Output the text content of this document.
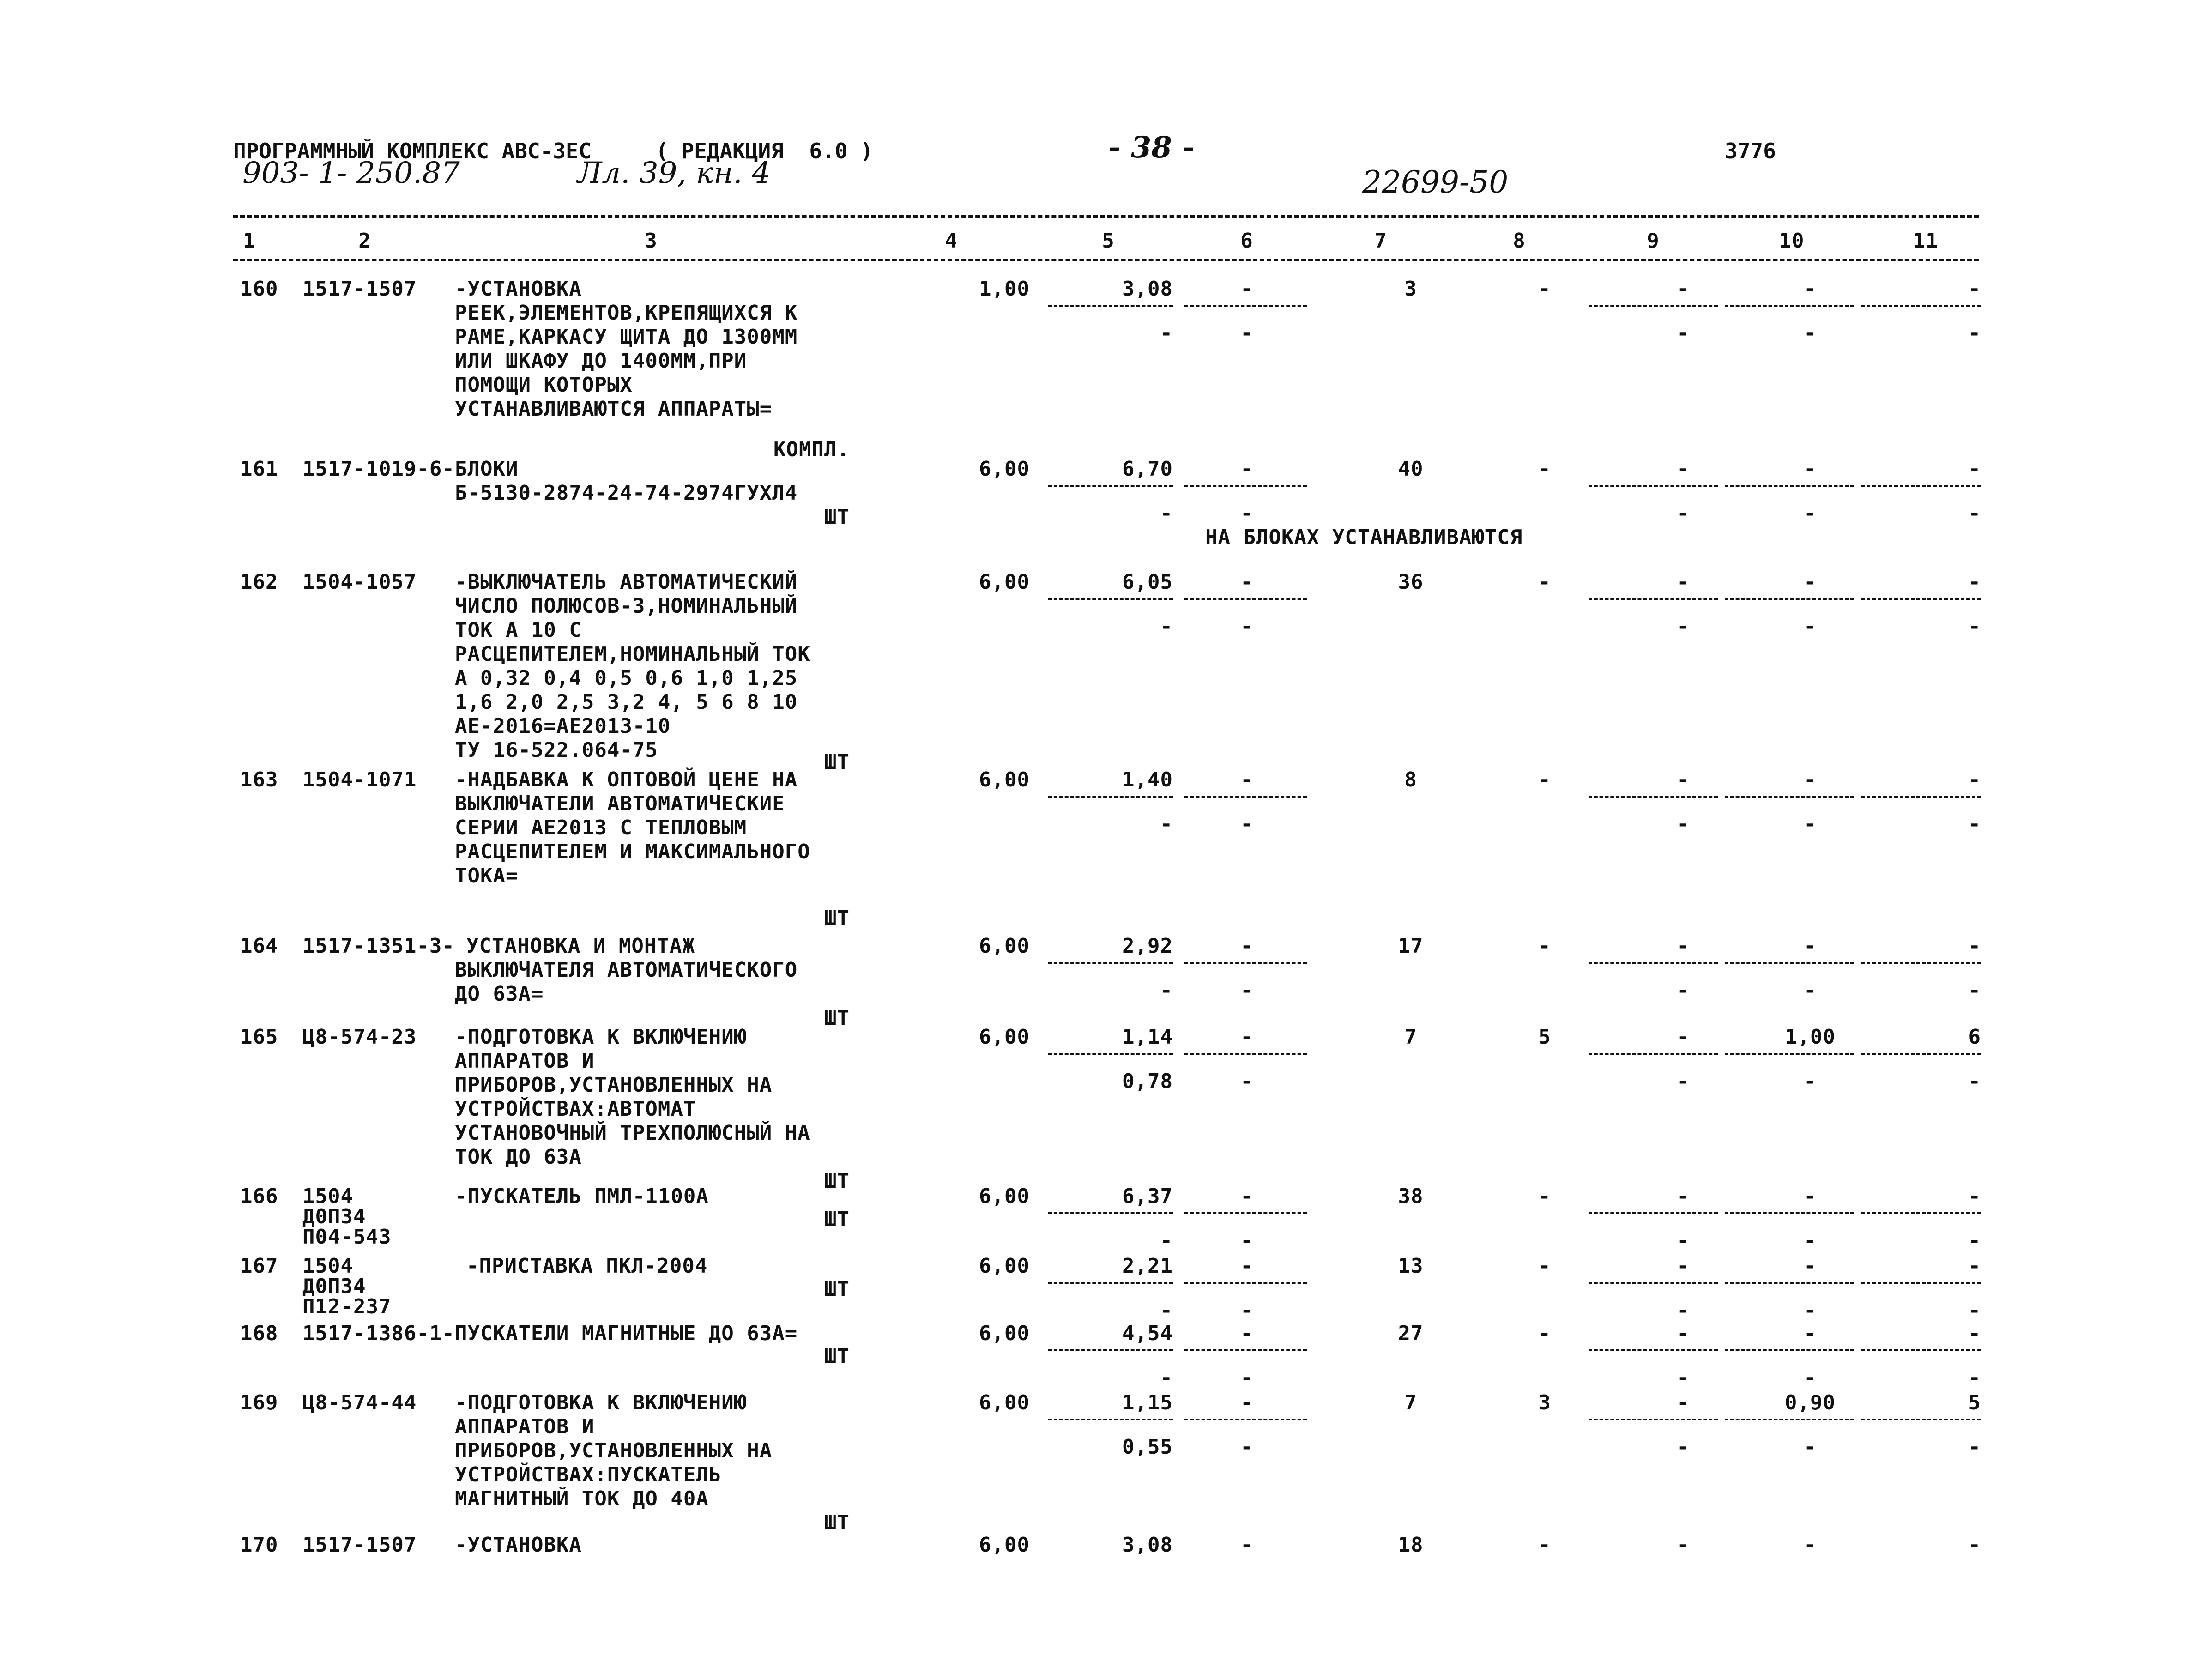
ПРОГРАММНЫЙ КОМПЛЕКС АВС-3ЕС	( РЕДАКЦИЯ  6.0 )	- 38 -	3776
903- 1- 250.87	Лл. 39, кн. 4	22699-50
1	2	3	4	5	6	7	8	9	10	11
160	1517-1507	-УСТАНОВКА
РЕЕК,ЭЛЕМЕНТОВ,КРЕПЯЩИХСЯ К
РАМЕ,КАРКАСУ ЩИТА ДО 1300ММ
ИЛИ ШКАФУ ДО 1400ММ,ПРИ
ПОМОЩИ КОТОРЫХ
УСТАНАВЛИВАЮТСЯ АППАРАТЫ=
КОМПЛ.
1,00	3,08	-	3	-	-	-	-
-	-	-	-	-
161	1517-1019-6- БЛОКИ
Б-5130-2874-24-74-2974ГУХЛ4
ШТ
6,00	6,70	-	40	-	-	-	-
-	-	-	-	-
НА БЛОКАХ УСТАНАВЛИВАЮТСЯ
162	1504-1057	-ВЫКЛЮЧАТЕЛЬ АВТОМАТИЧЕСКИЙ
ЧИСЛО ПОЛЮСОВ-3,НОМИНАЛЬНЫЙ
ТОК А 10 С
РАСЦЕПИТЕЛЕМ,НОМИНАЛЬНЫЙ ТОК
А 0,32 0,4 0,5 0,6 1,0 1,25
1,6 2,0 2,5 3,2 4, 5 6 8 10
АЕ-2016=АЕ2013-10
ТУ 16-522.064-75
ШТ
6,00	6,05	-	36	-	-	-	-
-	-	-	-	-
163	1504-1071	-НАДБАВКА К ОПТОВОЙ ЦЕНЕ НА
ВЫКЛЮЧАТЕЛИ АВТОМАТИЧЕСКИЕ
СЕРИИ АЕ2013 С ТЕПЛОВЫМ
РАСЦЕПИТЕЛЕМ И МАКСИМАЛЬНОГО
ТОКА=
ШТ
6,00	1,40	-	8	-	-	-	-
-	-	-	-	-
164	1517-1351-3- УСТАНОВКА И МОНТАЖ
ВЫКЛЮЧАТЕЛЯ АВТОМАТИЧЕСКОГО
ДО 63А=
ШТ
6,00	2,92	-	17	-	-	-	-
-	-	-	-	-
165	Ц8-574-23	-ПОДГОТОВКА К ВКЛЮЧЕНИЮ
АППАРАТОВ И
ПРИБОРОВ,УСТАНОВЛЕННЫХ НА
УСТРОЙСТВАХ:АВТОМАТ
УСТАНОВОЧНЫЙ ТРЕХПОЛЮСНЫЙ НА
ТОК ДО 63А
ШТ
6,00	1,14	-	7	5	-	1,00	6
0,78	-	-	-	-
166	1504
Д0П34
П04-543
-ПУСКАТЕЛЬ ПМЛ-1100А
ШТ
6,00	6,37	-	38	-	-	-	-
-	-	-	-	-
167	1504
Д0П34
П12-237
-ПРИСТАВКА ПКЛ-2004
ШТ
6,00	2,21	-	13	-	-	-	-
-	-	-	-	-
168	1517-1386-1- ПУСКАТЕЛИ МАГНИТНЫЕ ДО 63А=
ШТ
6,00	4,54	-	27	-	-	-	-
-	-	-	-	-
169	Ц8-574-44	-ПОДГОТОВКА К ВКЛЮЧЕНИЮ
АППАРАТОВ И
ПРИБОРОВ,УСТАНОВЛЕННЫХ НА
УСТРОЙСТВАХ:ПУСКАТЕЛЬ
МАГНИТНЫЙ ТОК ДО 40А
ШТ
6,00	1,15	-	7	3	-	0,90	5
0,55	-	-	-	-
170	1517-1507	-УСТАНОВКА	6,00	3,08	-	18	-	-	-	-
